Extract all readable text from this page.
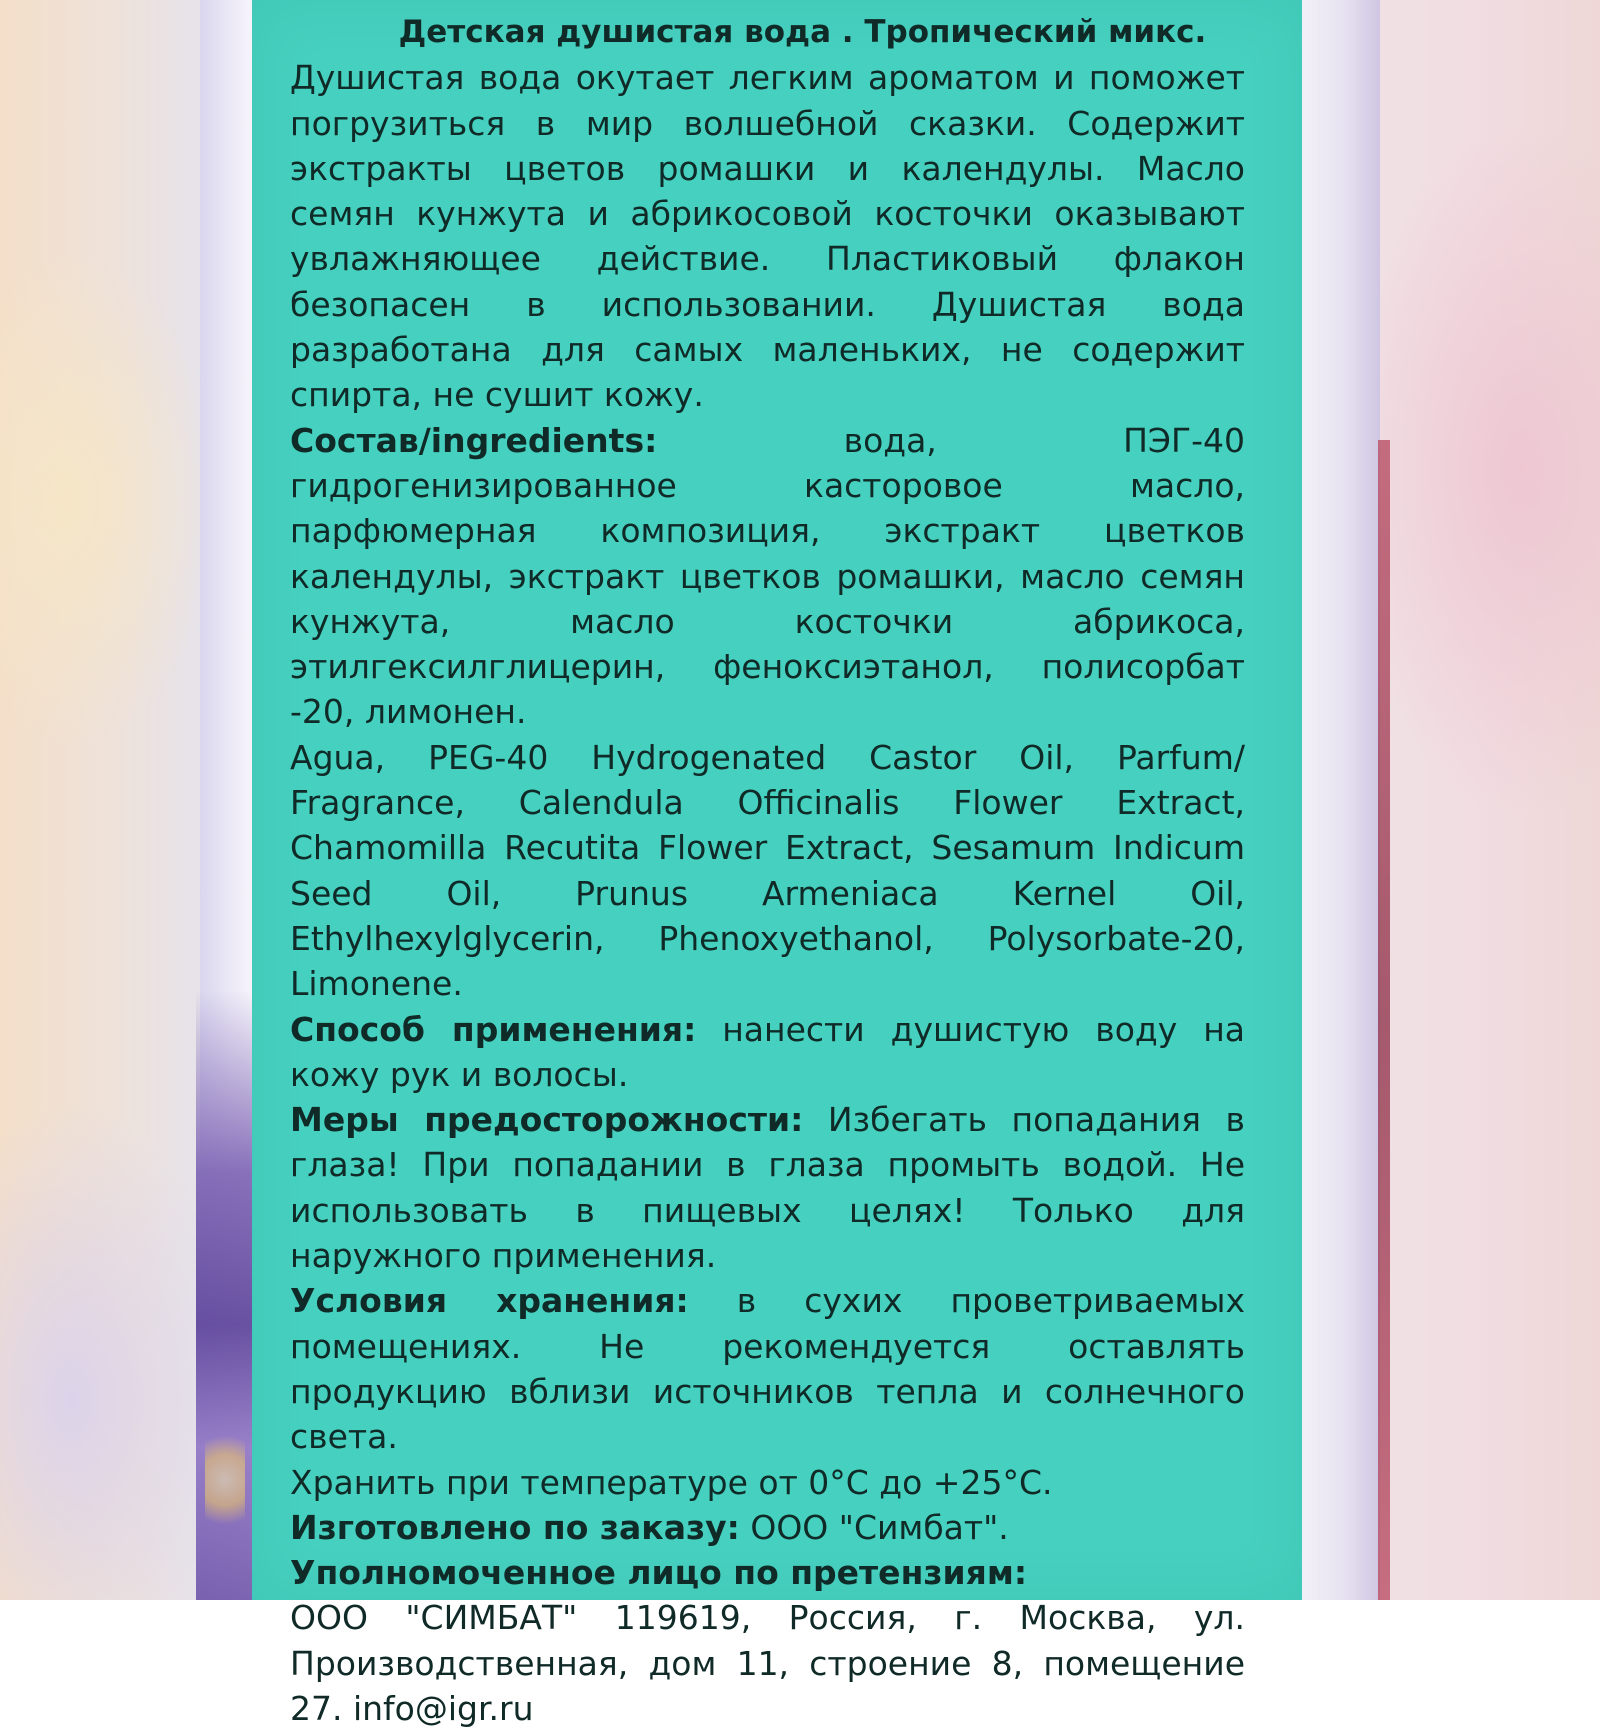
Детская душистая вода . Тропический микс.

Душистая вода окутает легким ароматом и поможет погрузиться в мир волшебной сказки. Содержит экстракты цветов ромашки и календулы. Масло семян кунжута и абрикосовой косточки оказывают увлажняющее действие. Пластиковый флакон безопасен в использовании. Душистая вода разработана для самых маленьких, не содержит спирта, не сушит кожу.

Состав/ingredients: вода, ПЭГ-40 гидрогенизированное касторовое масло, парфюмерная композиция, экстракт цветков календулы, экстракт цветков ромашки, масло семян кунжута, масло косточки абрикоса, этилгексилглицерин, феноксиэтанол, полисорбат -20, лимонен.

Agua, PEG-40 Hydrogenated Castor Oil, Parfum/ Fragrance, Calendula Officinalis Flower Extract, Chamomilla Recutita Flower Extract, Sesamum Indicum Seed Oil, Prunus Armeniaca Kernel Oil, Ethylhexylglycerin, Phenoxyethanol, Polysorbate-20, Limonene.

Способ применения: нанести душистую воду на кожу рук и волосы.

Меры предосторожности: Избегать попадания в глаза! При попадании в глаза промыть водой. Не использовать в пищевых целях! Только для наружного применения.

Условия хранения: в сухих проветриваемых помещениях. Не рекомендуется оставлять продукцию вблизи источников тепла и солнечного света.

Хранить при температуре от 0°С до +25°С.

Изготовлено по заказу: ООО "Симбат".

Уполномоченное лицо по претензиям:

ООО "СИМБАТ" 119619, Россия, г. Москва, ул. Производственная, дом 11, строение 8, помещение 27. info@igr.ru
